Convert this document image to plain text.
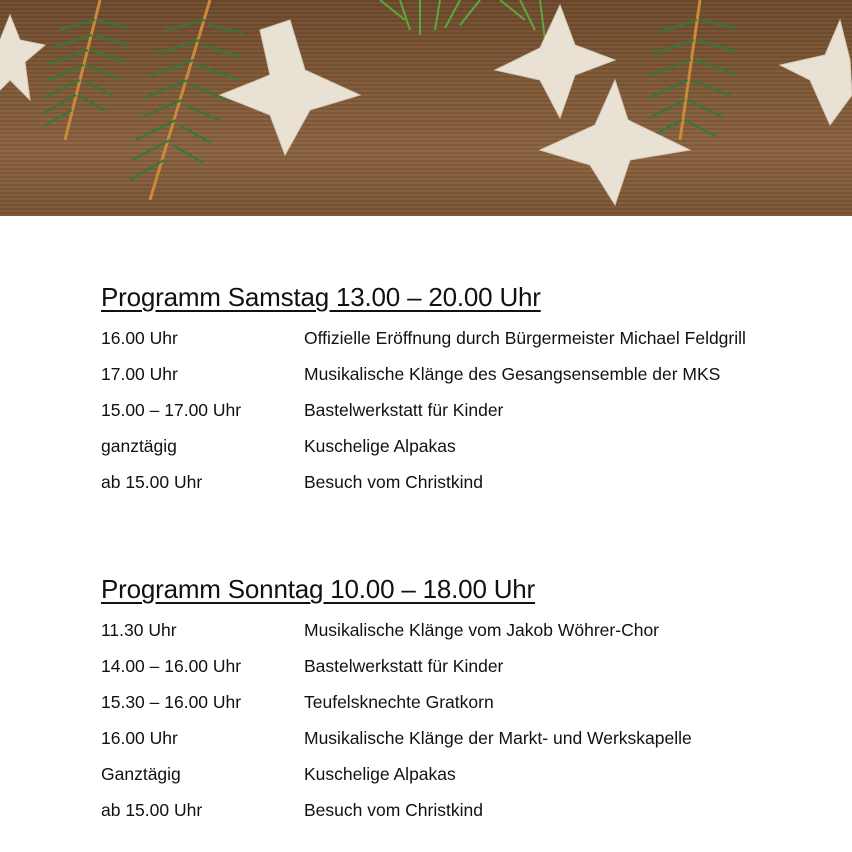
Programm Samstag 13.00 – 20.00 Uhr
16.00 Uhr	Offizielle Eröffnung durch Bürgermeister Michael Feldgrill
17.00 Uhr	Musikalische Klänge des Gesangsensemble der MKS
15.00 – 17.00 Uhr	Bastelwerkstatt für Kinder
ganztägig	Kuschelige Alpakas
ab 15.00 Uhr	Besuch vom Christkind
Programm Sonntag 10.00 – 18.00 Uhr
11.30 Uhr	Musikalische Klänge vom Jakob Wöhrer-Chor
14.00 – 16.00 Uhr	Bastelwerkstatt für Kinder
15.30 – 16.00 Uhr	Teufelsknechte Gratkorn
16.00 Uhr	Musikalische Klänge der Markt- und Werkskapelle
Ganztägig	Kuschelige Alpakas
ab 15.00 Uhr	Besuch vom Christkind
